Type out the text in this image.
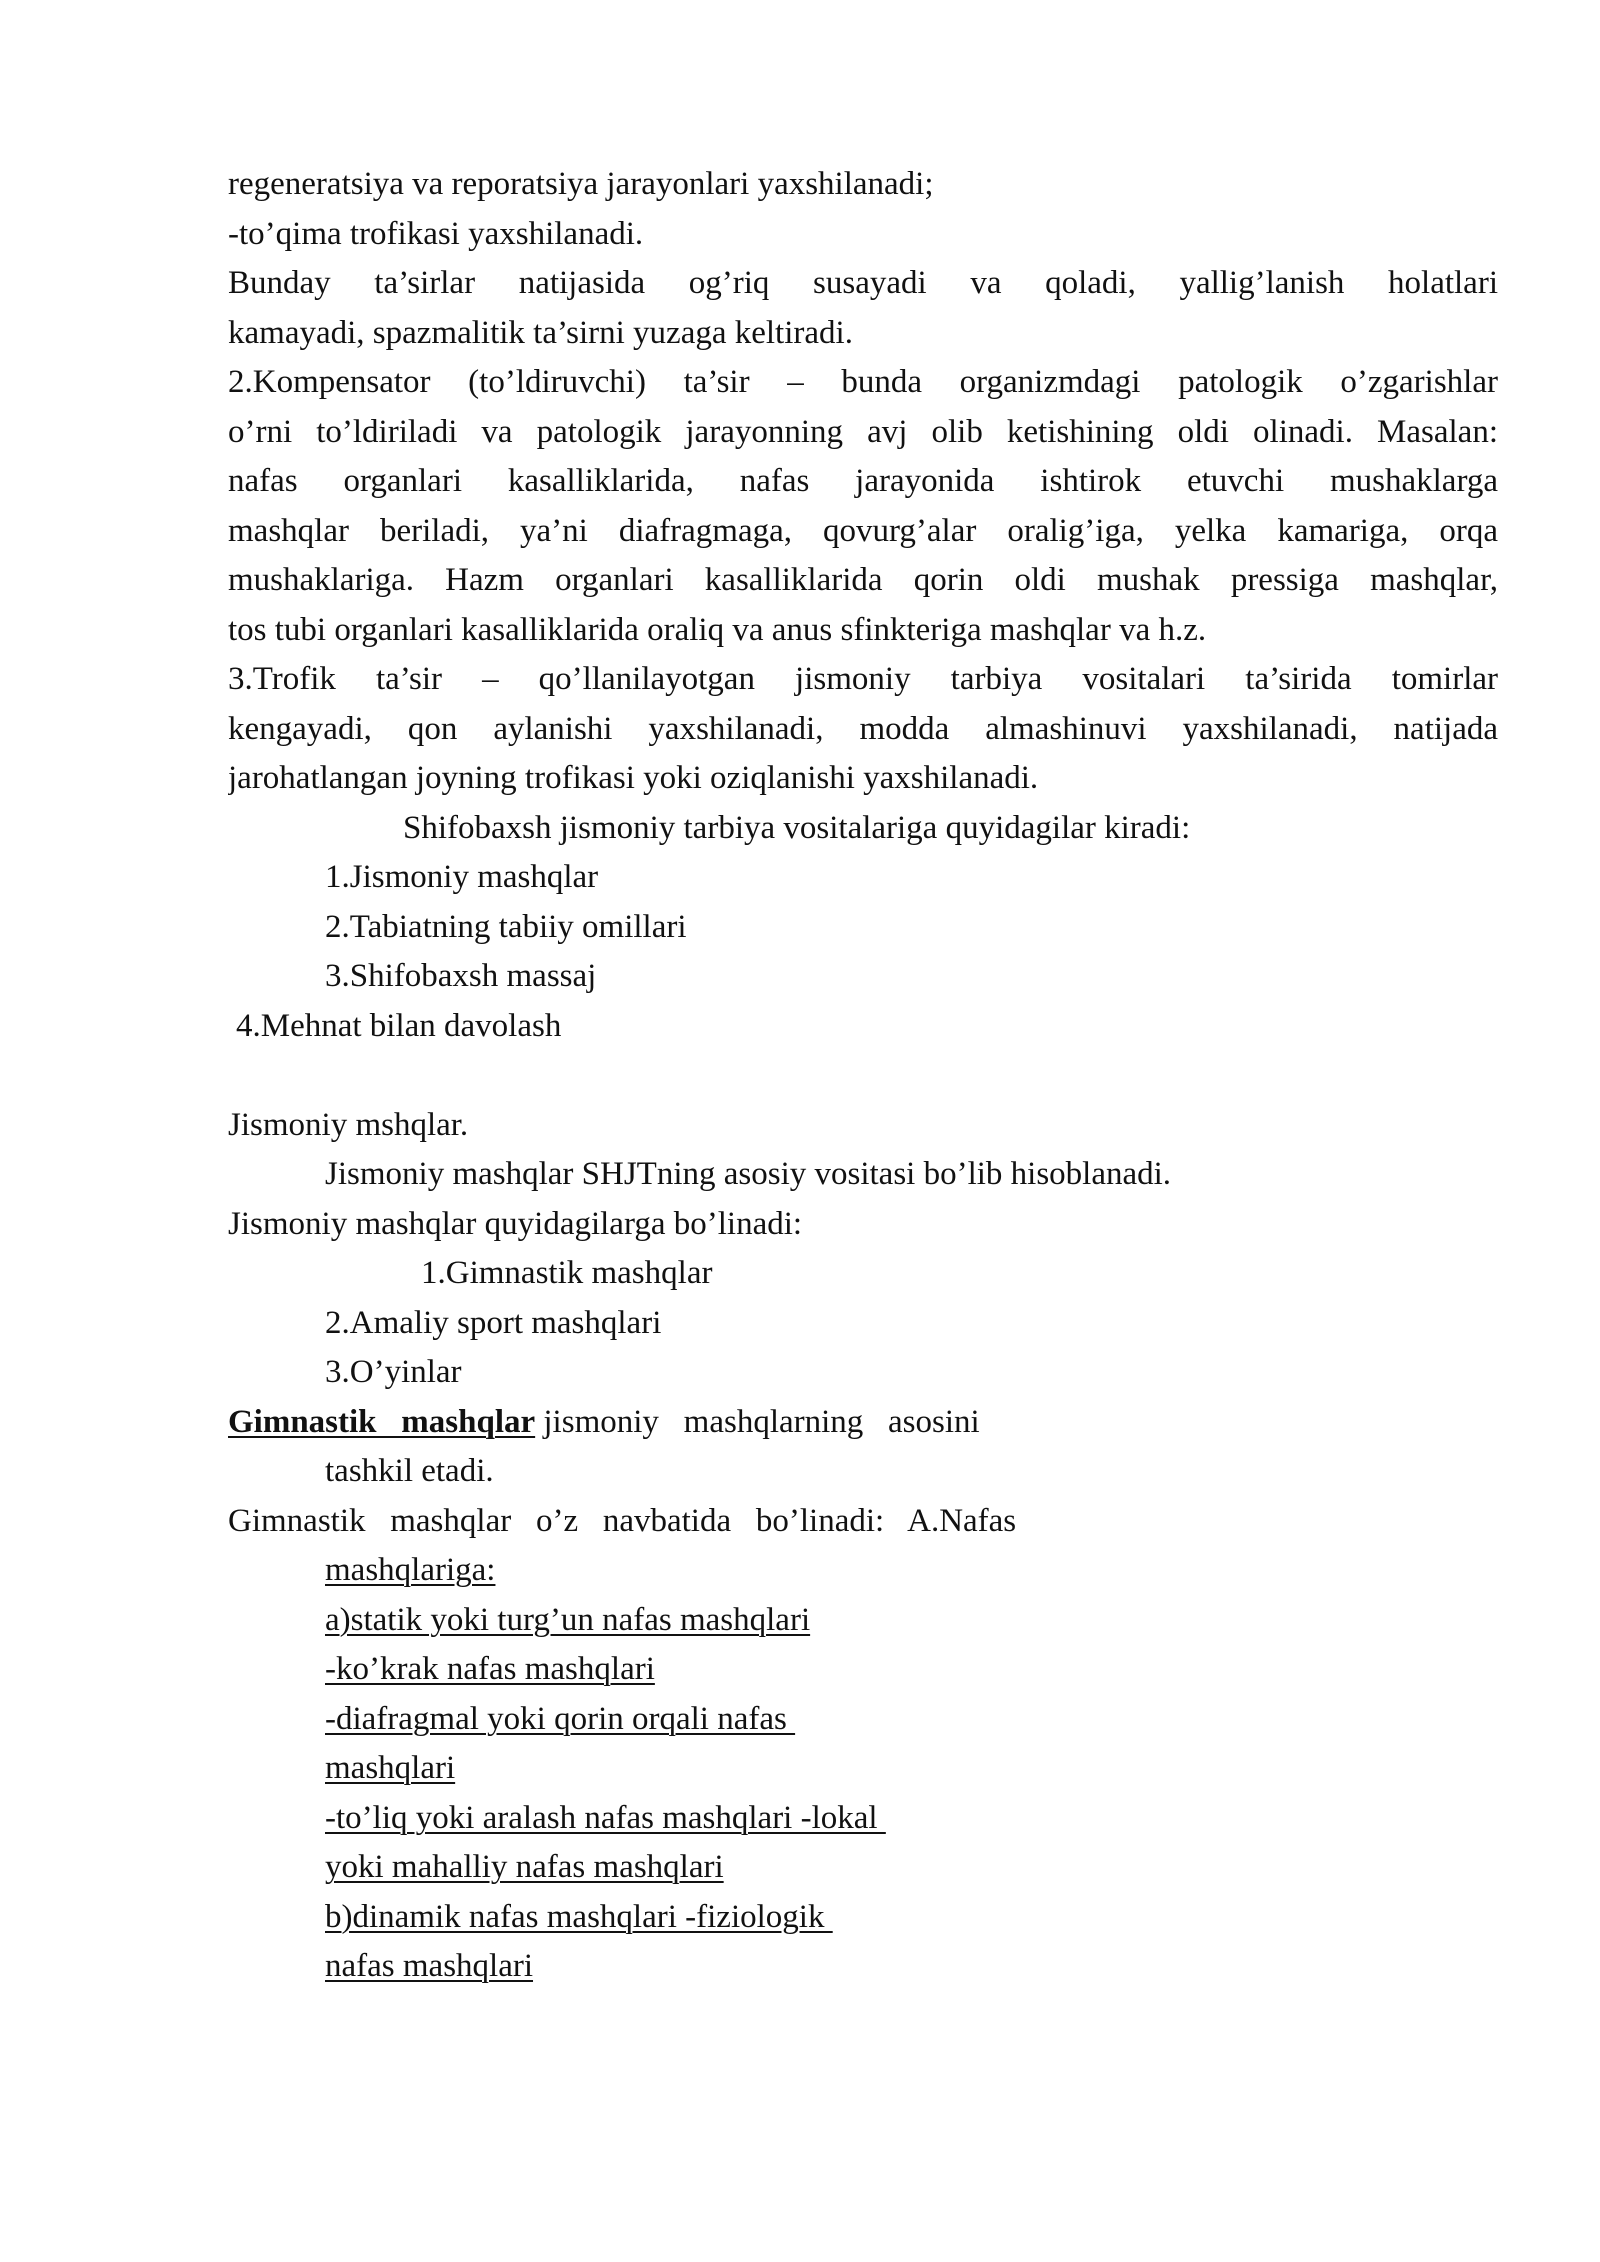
regeneratsiya va reporatsiya jarayonlari yaxshilanadi;
-to’qima trofikasi yaxshilanadi.
Bunday ta’sirlar natijasida og’riq susayadi va qoladi, yallig’lanish holatlari
kamayadi, spazmalitik ta’sirni yuzaga keltiradi.
2.Kompensator (to’ldiruvchi) ta’sir – bunda organizmdagi patologik o’zgarishlar
o’rni to’ldiriladi va patologik jarayonning avj olib ketishining oldi olinadi. Masalan:
nafas organlari kasalliklarida, nafas jarayonida ishtirok etuvchi mushaklarga
mashqlar beriladi, ya’ni diafragmaga, qovurg’alar oralig’iga, yelka kamariga, orqa
mushaklariga. Hazm organlari kasalliklarida qorin oldi mushak pressiga mashqlar,
tos tubi organlari kasalliklarida oraliq va anus sfinkteriga mashqlar va h.z.
3.Trofik ta’sir – qo’llanilayotgan jismoniy tarbiya vositalari ta’sirida tomirlar
kengayadi, qon aylanishi yaxshilanadi, modda almashinuvi yaxshilanadi, natijada
jarohatlangan joyning trofikasi yoki oziqlanishi yaxshilanadi.
Shifobaxsh jismoniy tarbiya vositalariga quyidagilar kiradi:
1.Jismoniy mashqlar
2.Tabiatning tabiiy omillari
3.Shifobaxsh massaj
4.Mehnat bilan davolash
Jismoniy mshqlar.
Jismoniy mashqlar SHJTning asosiy vositasi bo’lib hisoblanadi.
Jismoniy mashqlar quyidagilarga bo’linadi:
1.Gimnastik mashqlar
2.Amaliy sport mashqlari
3.O’yinlar
Gimnastik   mashqlar jismoniy   mashqlarning   asosini
tashkil etadi.
Gimnastik   mashqlar   o’z   navbatida   bo’linadi:   A.Nafas
mashqlariga:
a)statik yoki turg’un nafas mashqlari
-ko’krak nafas mashqlari
-diafragmal yoki qorin orqali nafas
mashqlari
-to’liq yoki aralash nafas mashqlari -lokal
yoki mahalliy nafas mashqlari
b)dinamik nafas mashqlari -fiziologik
nafas mashqlari
